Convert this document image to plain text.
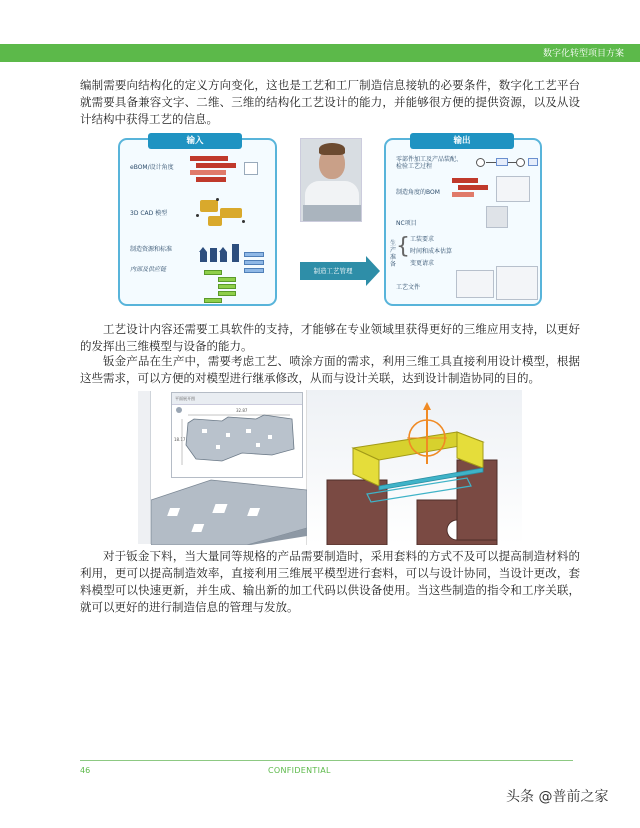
数字化转型项目方案

编制需要向结构化的定义方向变化，这也是工艺和工厂制造信息接轨的必要条件，数字化工艺平台就需要具备兼容文字、二维、三维的结构化工艺设计的能力，并能够很方便的提供资源，以及从设计结构中获得工艺的信息。

输入
eBOM/设计角度
3D CAD 模型
制造资源和标准
内部及供应链	制造工艺管理
输出
零部件加工及产品装配、检验工艺过程
制造角度的BOM
NC项目
生产准备
{ 工装要求
时间和成本估算
变更请求
工艺文件

工艺设计内容还需要工具软件的支持，才能够在专业领域里获得更好的三维应用支持，以更好的发挥出三维模型与设备的能力。

钣金产品在生产中，需要考虑工艺、喷涂方面的需求，利用三维工具直接利用设计模型，根据这些需求，可以方便的对模型进行继承修改，从而与设计关联，达到设计制造协同的目的。

平面展开图
32.87
18.17

对于钣金下料，当大量同等规格的产品需要制造时，采用套料的方式不及可以提高制造材料的利用，更可以提高制造效率，直接利用三维展平模型进行套料，可以与设计协同，当设计更改，套料模型可以快速更新，并生成、输出新的加工代码以供设备使用。当这些制造的指令和工序关联，就可以更好的进行制造信息的管理与发放。

46	CONFIDENTIAL
头条 @普前之家
